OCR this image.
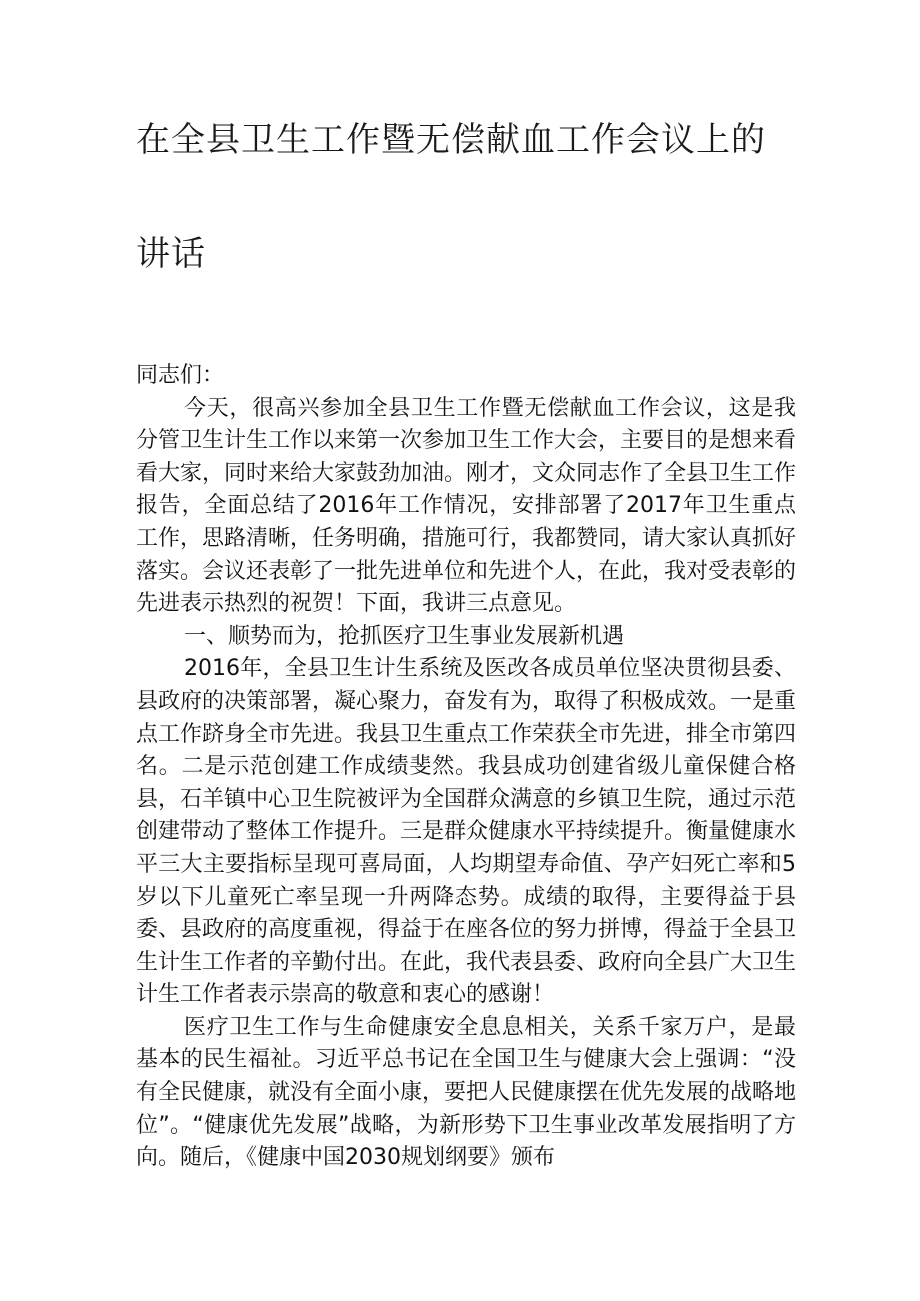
在全县卫生工作暨无偿献血工作会议上的
讲话

同志们：

今天，很高兴参加全县卫生工作暨无偿献血工作会议，这是我分管卫生计生工作以来第一次参加卫生工作大会，主要目的是想来看看大家，同时来给大家鼓劲加油。刚才，文众同志作了全县卫生工作报告，全面总结了2016年工作情况，安排部署了2017年卫生重点工作，思路清晰，任务明确，措施可行，我都赞同，请大家认真抓好落实。会议还表彰了一批先进单位和先进个人，在此，我对受表彰的先进表示热烈的祝贺！下面，我讲三点意见。

一、顺势而为，抢抓医疗卫生事业发展新机遇

2016年，全县卫生计生系统及医改各成员单位坚决贯彻县委、县政府的决策部署，凝心聚力，奋发有为，取得了积极成效。一是重点工作跻身全市先进。我县卫生重点工作荣获全市先进，排全市第四名。二是示范创建工作成绩斐然。我县成功创建省级儿童保健合格县，石羊镇中心卫生院被评为全国群众满意的乡镇卫生院，通过示范创建带动了整体工作提升。三是群众健康水平持续提升。衡量健康水平三大主要指标呈现可喜局面，人均期望寿命值、孕产妇死亡率和5岁以下儿童死亡率呈现一升两降态势。成绩的取得，主要得益于县委、县政府的高度重视，得益于在座各位的努力拼博，得益于全县卫生计生工作者的辛勤付出。在此，我代表县委、政府向全县广大卫生计生工作者表示崇高的敬意和衷心的感谢！

医疗卫生工作与生命健康安全息息相关，关系千家万户，是最基本的民生福祉。习近平总书记在全国卫生与健康大会上强调：“没有全民健康，就没有全面小康，要把人民健康摆在优先发展的战略地位”。“健康优先发展”战略，为新形势下卫生事业改革发展指明了方向。随后，《健康中国2030规划纲要》颁布
